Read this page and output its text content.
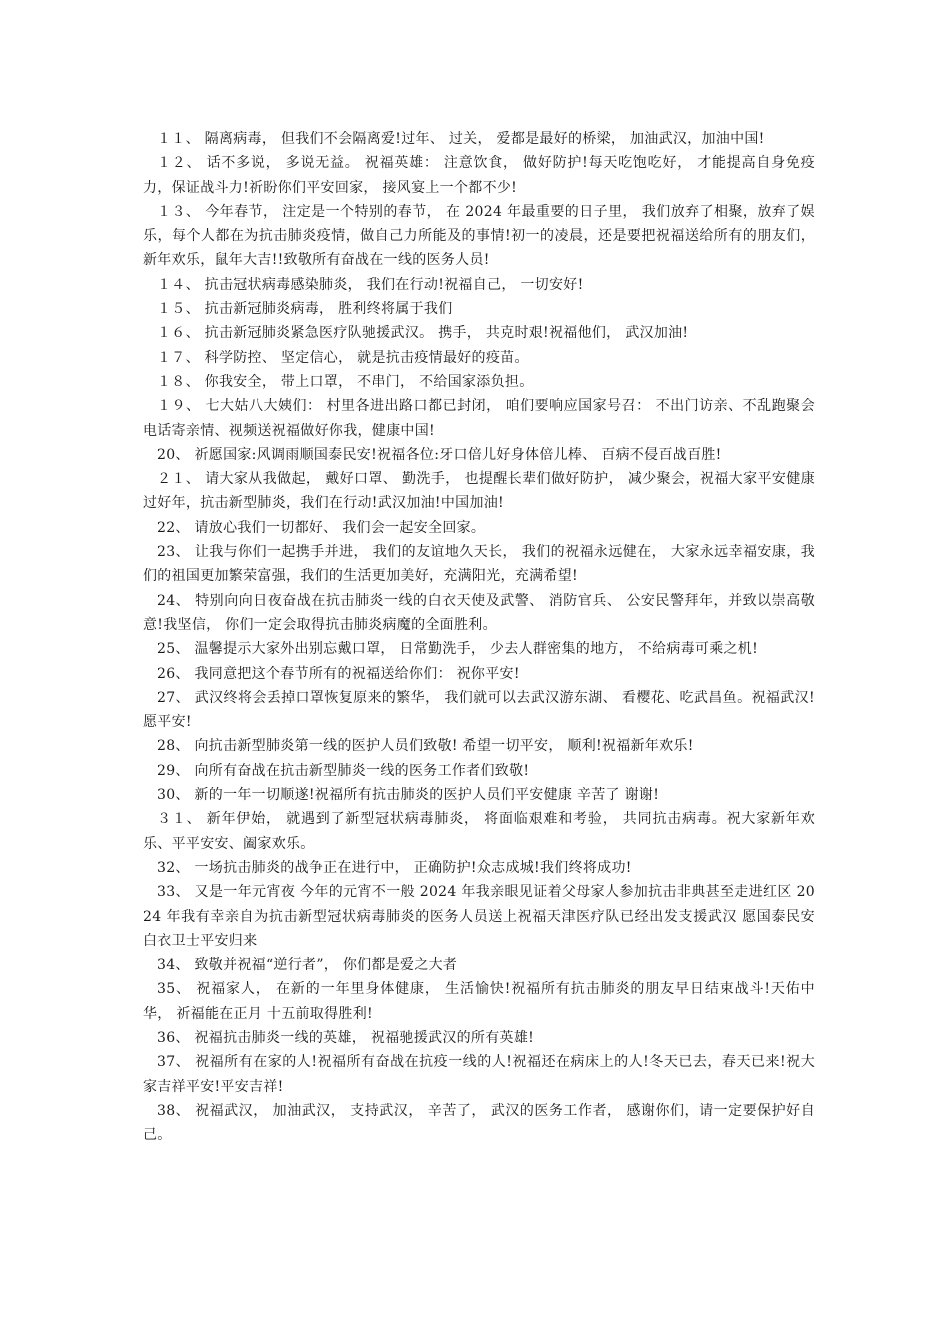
１１、 隔离病毒， 但我们不会隔离爱!过年、 过关， 爱都是最好的桥梁， 加油武汉，加油中国!

１２、 话不多说， 多说无益。 祝福英雄： 注意饮食， 做好防护!每天吃饱吃好， 才能提高自身免疫力，保证战斗力!祈盼你们平安回家， 接风宴上一个都不少!

１３、 今年春节， 注定是一个特别的春节， 在 2024 年最重要的日子里， 我们放弃了相聚，放弃了娱乐，每个人都在为抗击肺炎疫情，做自己力所能及的事情!初一的凌晨，还是要把祝福送给所有的朋友们，新年欢乐，鼠年大吉!!致敬所有奋战在一线的医务人员!

１４、 抗击冠状病毒感染肺炎， 我们在行动!祝福自己， 一切安好!

１５、 抗击新冠肺炎病毒， 胜利终将属于我们

１６、 抗击新冠肺炎紧急医疗队驰援武汉。 携手， 共克时艰!祝福他们， 武汉加油!

１７、 科学防控、 坚定信心， 就是抗击疫情最好的疫苗。

１８、 你我安全， 带上口罩， 不串门， 不给国家添负担。

１９、 七大姑八大姨们： 村里各进出路口都已封闭， 咱们要响应国家号召： 不出门访亲、不乱跑聚会电话寄亲情、视频送祝福做好你我，健康中国!

20、 祈愿国家:风调雨顺国泰民安!祝福各位:牙口倍儿好身体倍儿棒、 百病不侵百战百胜!

２１、 请大家从我做起， 戴好口罩、 勤洗手， 也提醒长辈们做好防护， 减少聚会，祝福大家平安健康过好年，抗击新型肺炎，我们在行动!武汉加油!中国加油!

22、 请放心我们一切都好、 我们会一起安全回家。

23、 让我与你们一起携手并进， 我们的友谊地久天长， 我们的祝福永远健在， 大家永远幸福安康，我们的祖国更加繁荣富强，我们的生活更加美好，充满阳光，充满希望!

24、 特别向向日夜奋战在抗击肺炎一线的白衣天使及武警、 消防官兵、 公安民警拜年，并致以崇高敬意!我坚信， 你们一定会取得抗击肺炎病魔的全面胜利。

25、 温馨提示大家外出别忘戴口罩， 日常勤洗手， 少去人群密集的地方， 不给病毒可乘之机!

26、 我同意把这个春节所有的祝福送给你们： 祝你平安!

27、 武汉终将会丢掉口罩恢复原来的繁华， 我们就可以去武汉游东湖、 看樱花、吃武昌鱼。祝福武汉!愿平安!

28、 向抗击新型肺炎第一线的医护人员们致敬! 希望一切平安， 顺利!祝福新年欢乐!

29、 向所有奋战在抗击新型肺炎一线的医务工作者们致敬!

30、 新的一年一切顺遂!祝福所有抗击肺炎的医护人员们平安健康 辛苦了 谢谢!

３１、 新年伊始， 就遇到了新型冠状病毒肺炎， 将面临艰难和考验， 共同抗击病毒。祝大家新年欢乐、平平安安、阖家欢乐。

32、 一场抗击肺炎的战争正在进行中， 正确防护!众志成城!我们终将成功!

33、 又是一年元宵夜 今年的元宵不一般 2024 年我亲眼见证着父母家人参加抗击非典甚至走进红区 2024 年我有幸亲自为抗击新型冠状病毒肺炎的医务人员送上祝福天津医疗队已经出发支援武汉 愿国泰民安 白衣卫士平安归来

34、 致敬并祝福“逆行者”， 你们都是爱之大者

35、 祝福家人， 在新的一年里身体健康， 生活愉快!祝福所有抗击肺炎的朋友早日结束战斗!天佑中华， 祈福能在正月 十五前取得胜利!

36、 祝福抗击肺炎一线的英雄， 祝福驰援武汉的所有英雄!

37、 祝福所有在家的人!祝福所有奋战在抗疫一线的人!祝福还在病床上的人!冬天已去，春天已来!祝大家吉祥平安!平安吉祥!

38、 祝福武汉， 加油武汉， 支持武汉， 辛苦了， 武汉的医务工作者， 感谢你们，请一定要保护好自己。
